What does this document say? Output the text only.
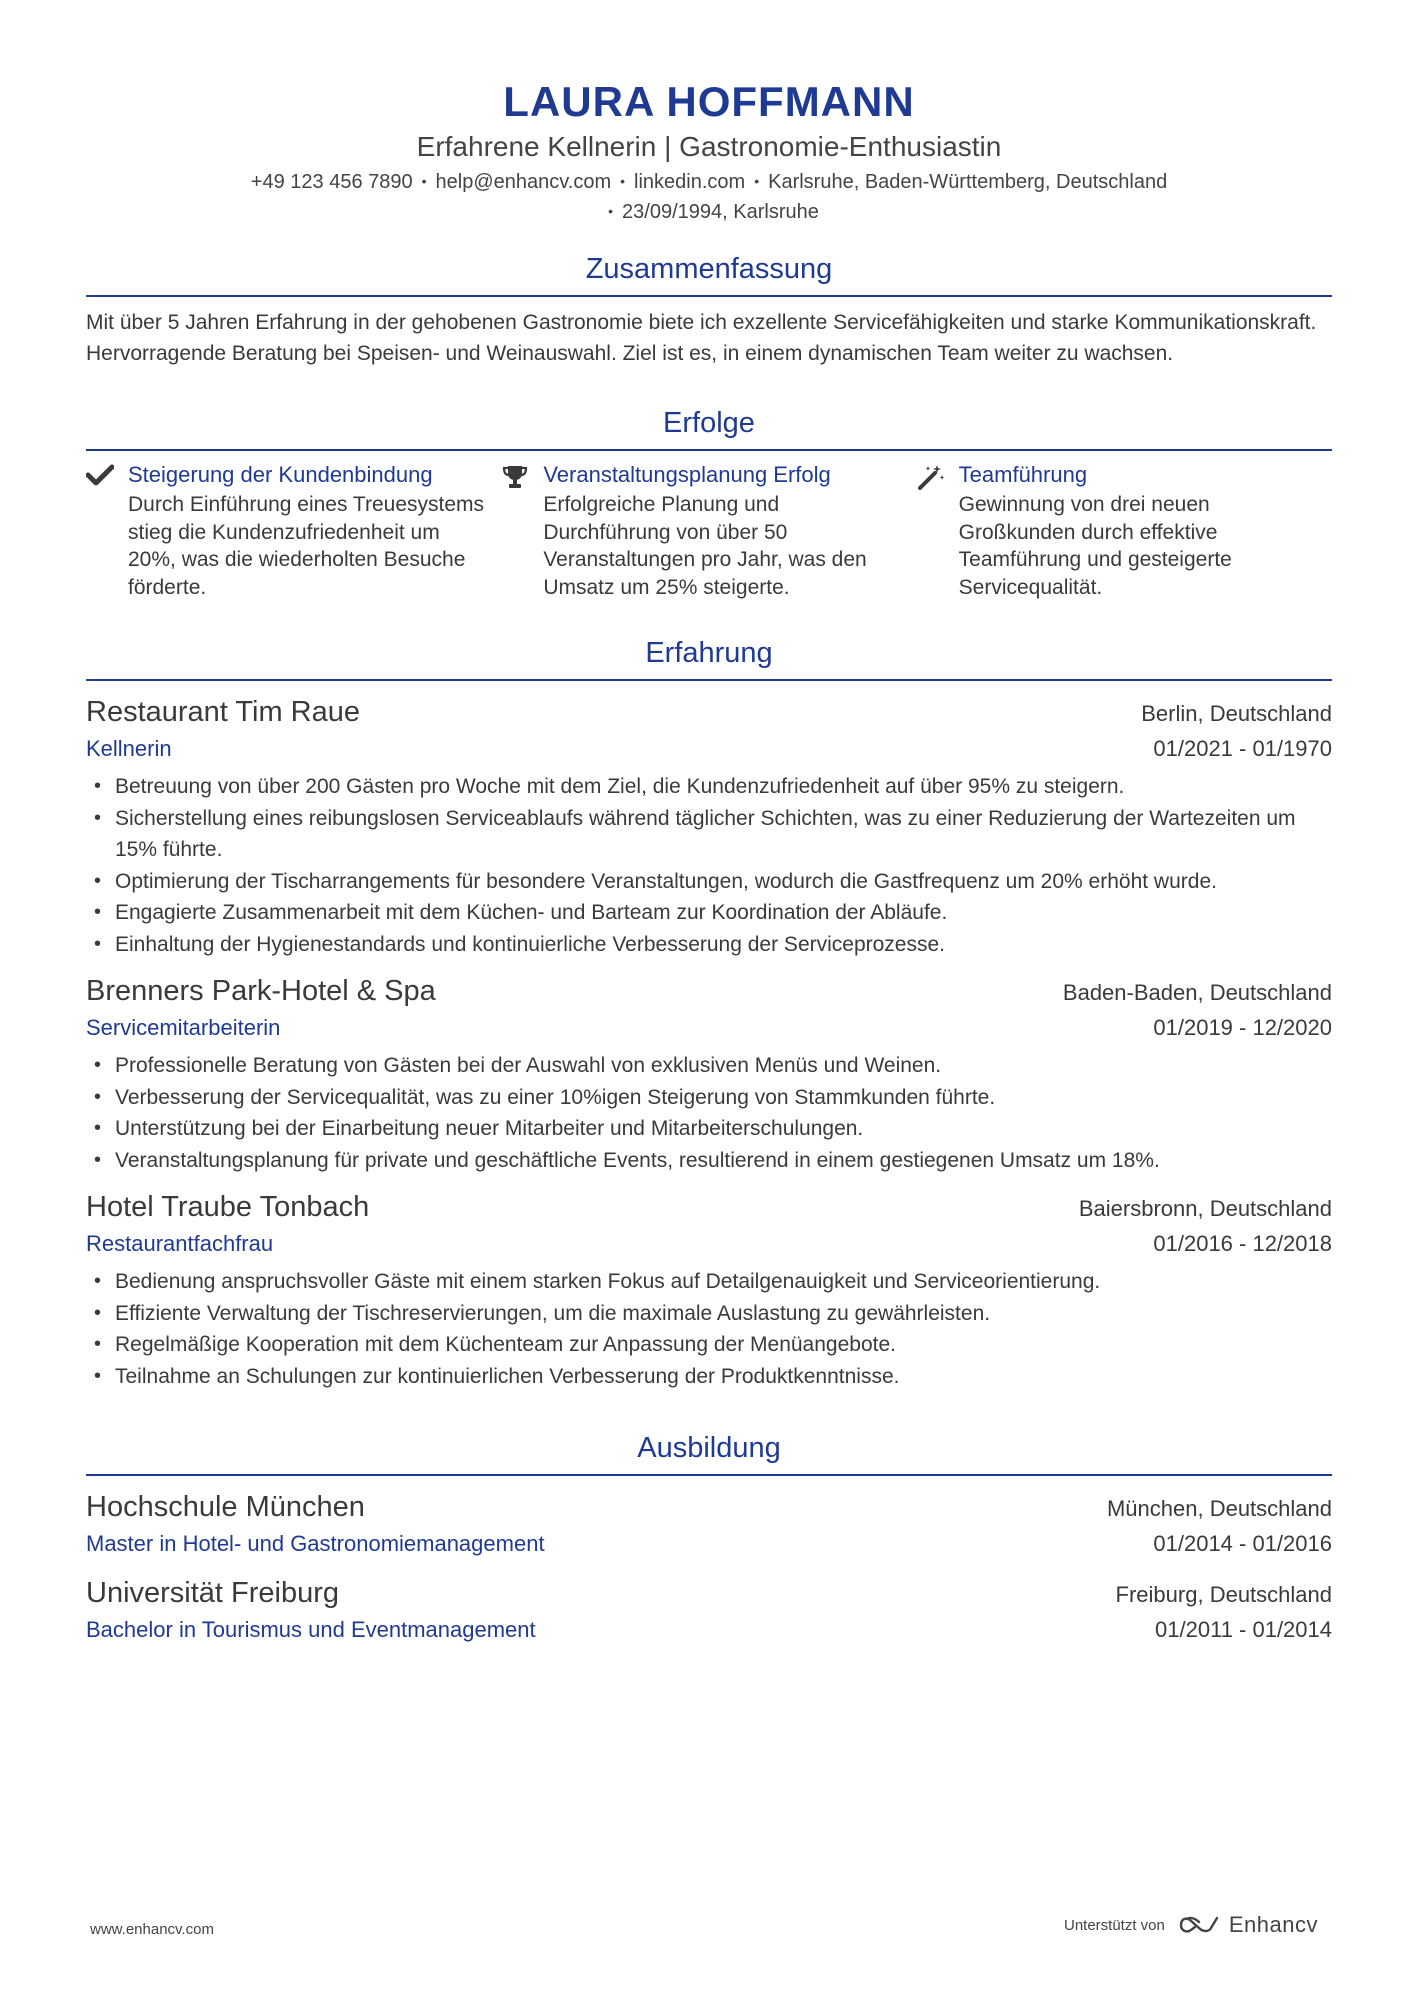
LAURA HOFFMANN
Erfahrene Kellnerin | Gastronomie-Enthusiastin
+49 123 456 7890 • help@enhancv.com • linkedin.com • Karlsruhe, Baden-Württemberg, Deutschland
• 23/09/1994, Karlsruhe
Zusammenfassung
Mit über 5 Jahren Erfahrung in der gehobenen Gastronomie biete ich exzellente Servicefähigkeiten und starke Kommunikationskraft. Hervorragende Beratung bei Speisen- und Weinauswahl. Ziel ist es, in einem dynamischen Team weiter zu wachsen.
Erfolge
Steigerung der Kundenbindung
Durch Einführung eines Treuesystems stieg die Kundenzufriedenheit um 20%, was die wiederholten Besuche förderte.
Veranstaltungsplanung Erfolg
Erfolgreiche Planung und Durchführung von über 50 Veranstaltungen pro Jahr, was den Umsatz um 25% steigerte.
Teamführung
Gewinnung von drei neuen Großkunden durch effektive Teamführung und gesteigerte Servicequalität.
Erfahrung
Restaurant Tim Raue	Berlin, Deutschland
Kellnerin	01/2021 - 01/1970
• Betreuung von über 200 Gästen pro Woche mit dem Ziel, die Kundenzufriedenheit auf über 95% zu steigern.
• Sicherstellung eines reibungslosen Serviceablaufs während täglicher Schichten, was zu einer Reduzierung der Wartezeiten um 15% führte.
• Optimierung der Tischarrangements für besondere Veranstaltungen, wodurch die Gastfrequenz um 20% erhöht wurde.
• Engagierte Zusammenarbeit mit dem Küchen- und Barteam zur Koordination der Abläufe.
• Einhaltung der Hygienestandards und kontinuierliche Verbesserung der Serviceprozesse.
Brenners Park-Hotel & Spa	Baden-Baden, Deutschland
Servicemitarbeiterin	01/2019 - 12/2020
• Professionelle Beratung von Gästen bei der Auswahl von exklusiven Menüs und Weinen.
• Verbesserung der Servicequalität, was zu einer 10%igen Steigerung von Stammkunden führte.
• Unterstützung bei der Einarbeitung neuer Mitarbeiter und Mitarbeiterschulungen.
• Veranstaltungsplanung für private und geschäftliche Events, resultierend in einem gestiegenen Umsatz um 18%.
Hotel Traube Tonbach	Baiersbronn, Deutschland
Restaurantfachfrau	01/2016 - 12/2018
• Bedienung anspruchsvoller Gäste mit einem starken Fokus auf Detailgenauigkeit und Serviceorientierung.
• Effiziente Verwaltung der Tischreservierungen, um die maximale Auslastung zu gewährleisten.
• Regelmäßige Kooperation mit dem Küchenteam zur Anpassung der Menüangebote.
• Teilnahme an Schulungen zur kontinuierlichen Verbesserung der Produktkenntnisse.
Ausbildung
Hochschule München	München, Deutschland
Master in Hotel- und Gastronomiemanagement	01/2014 - 01/2016
Universität Freiburg	Freiburg, Deutschland
Bachelor in Tourismus und Eventmanagement	01/2011 - 01/2014
www.enhancv.com	Unterstützt von	Enhancv
